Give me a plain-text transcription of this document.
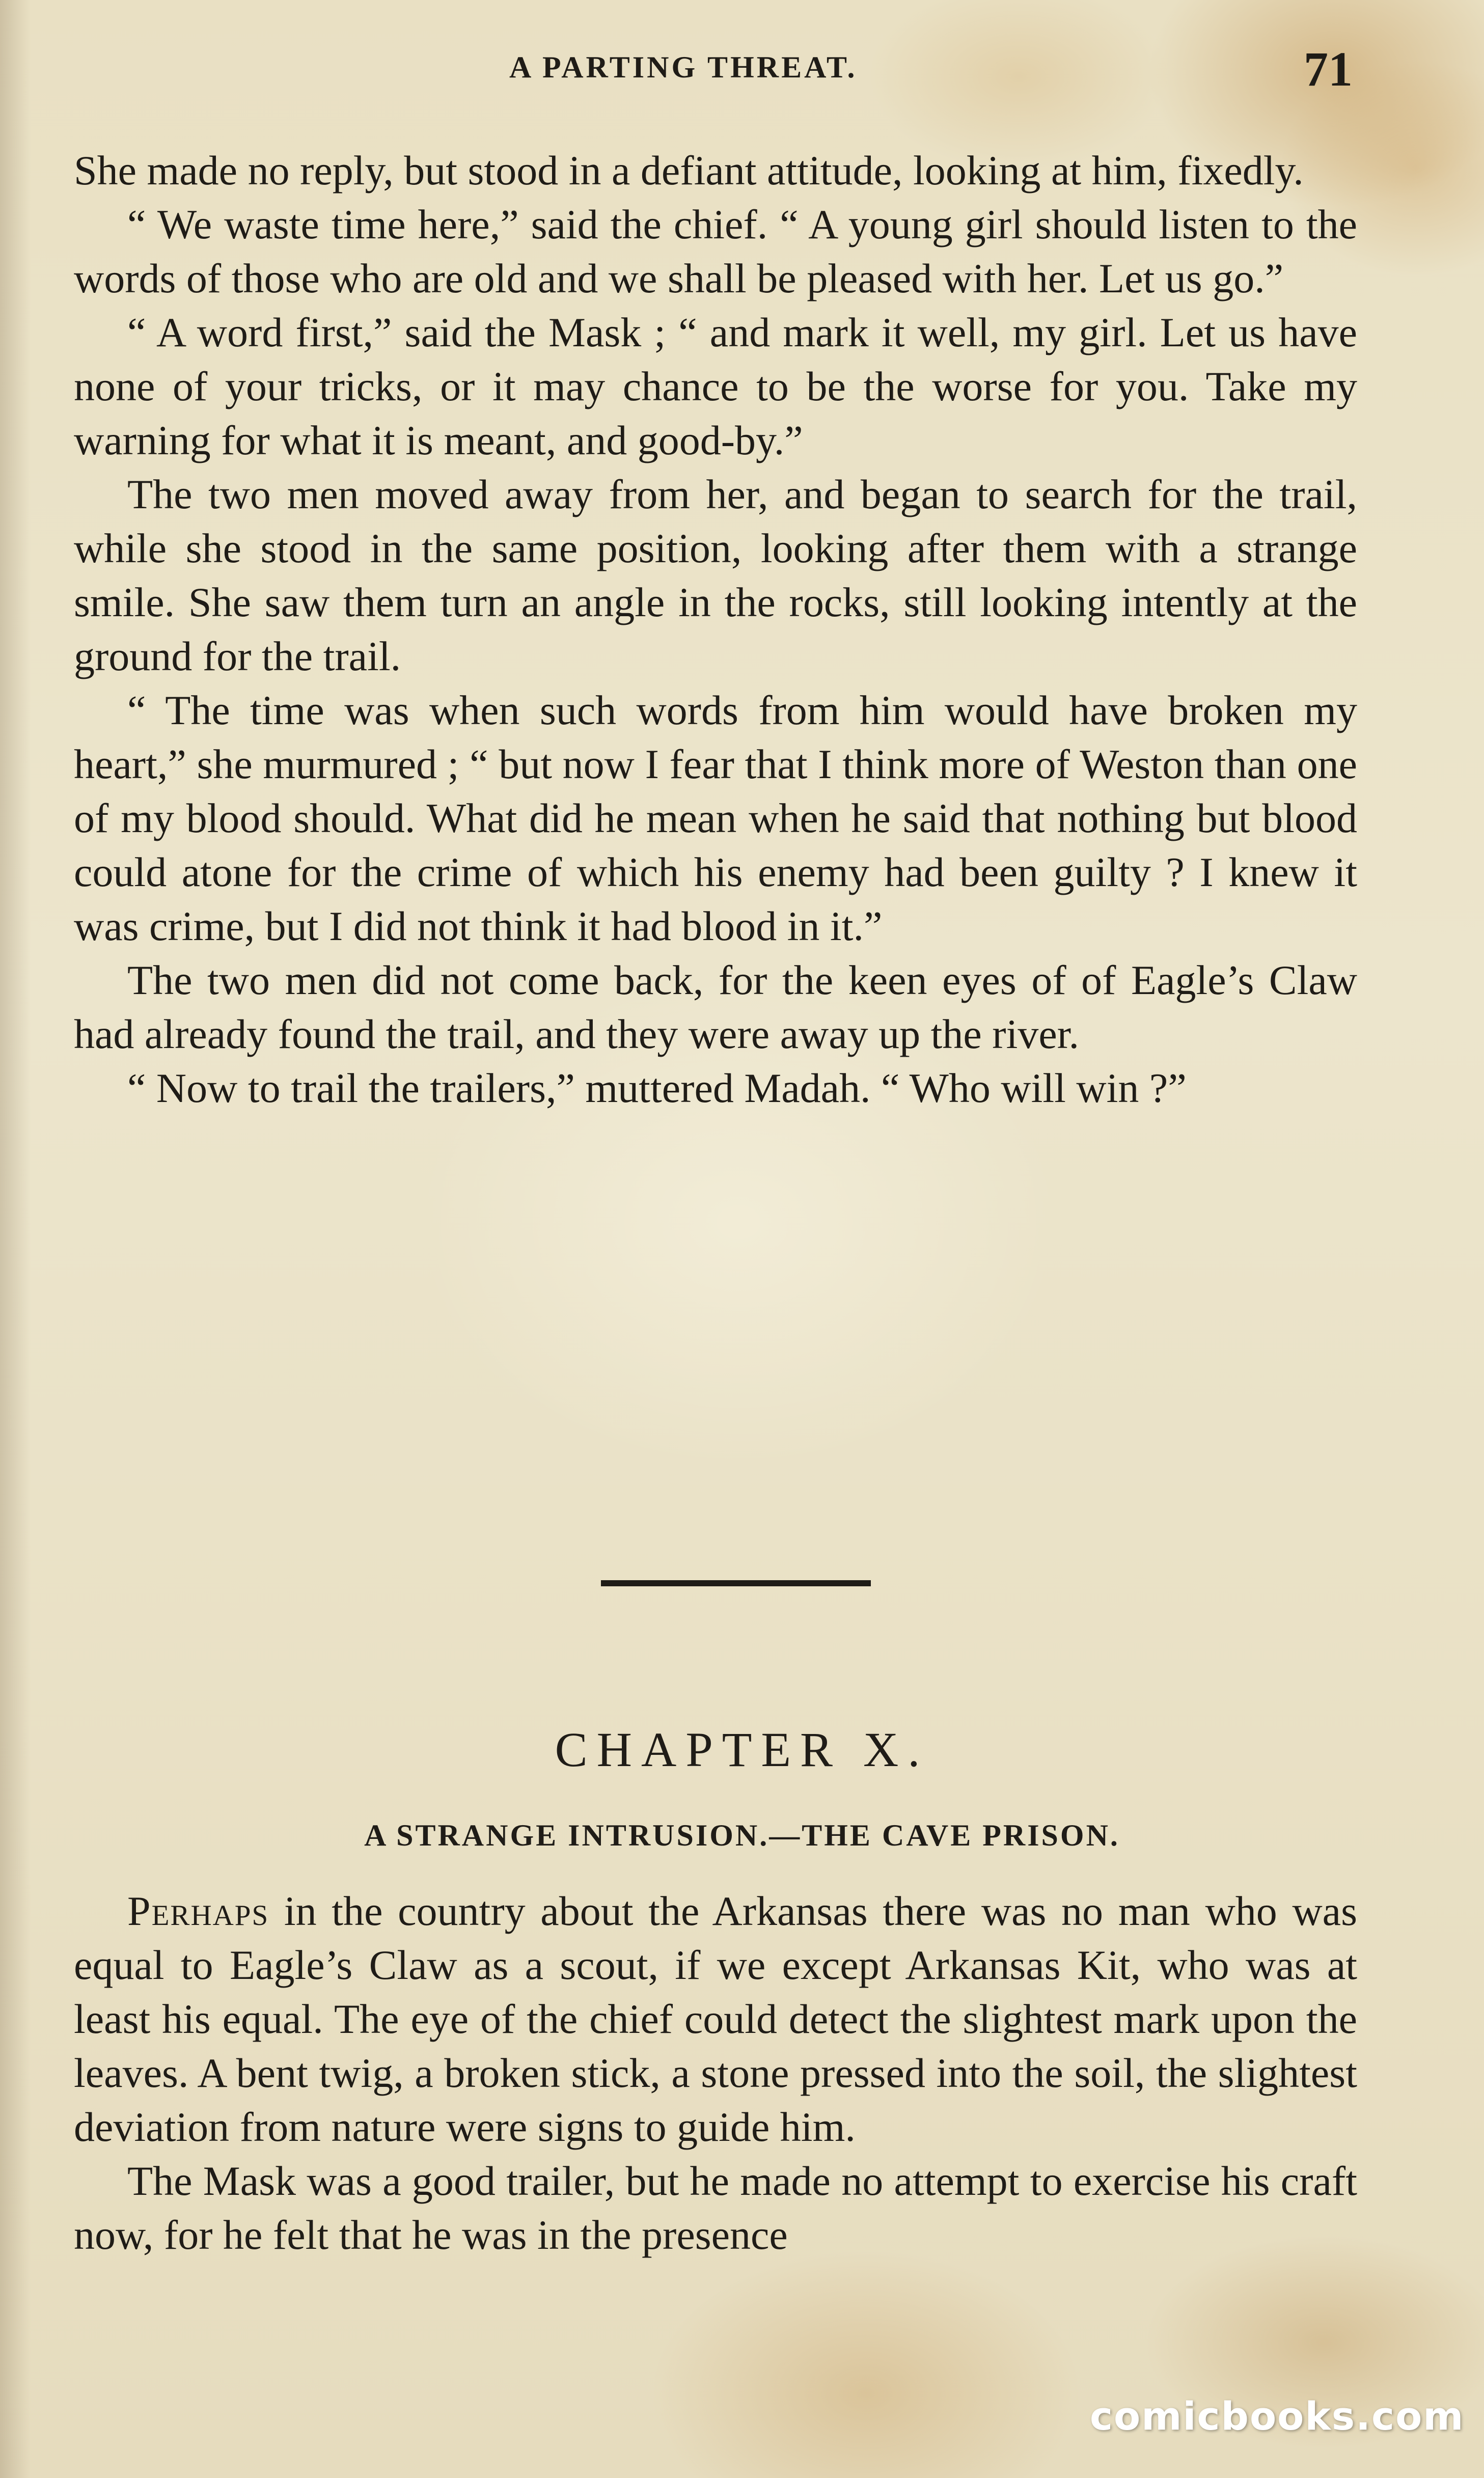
A PARTING THREAT.	71

She made no reply, but stood in a defiant attitude, looking at him, fixedly.

“ We waste time here,” said the chief. “ A young girl should listen to the words of those who are old and we shall be pleased with her. Let us go.”

“ A word first,” said the Mask ; “ and mark it well, my girl. Let us have none of your tricks, or it may chance to be the worse for you. Take my warning for what it is meant, and good-by.”

The two men moved away from her, and began to search for the trail, while she stood in the same position, looking after them with a strange smile. She saw them turn an angle in the rocks, still looking intently at the ground for the trail.

“ The time was when such words from him would have broken my heart,” she murmured ; “ but now I fear that I think more of Weston than one of my blood should. What did he mean when he said that nothing but blood could atone for the crime of which his enemy had been guilty ? I knew it was crime, but I did not think it had blood in it.”

The two men did not come back, for the keen eyes of of Eagle’s Claw had already found the trail, and they were away up the river.

“ Now to trail the trailers,” muttered Madah. “ Who will win ?”

CHAPTER X.
A STRANGE INTRUSION.—THE CAVE PRISON.

Perhaps in the country about the Arkansas there was no man who was equal to Eagle’s Claw as a scout, if we except Arkansas Kit, who was at least his equal. The eye of the chief could detect the slightest mark upon the leaves. A bent twig, a broken stick, a stone pressed into the soil, the slightest deviation from nature were signs to guide him.

The Mask was a good trailer, but he made no attempt to exercise his craft now, for he felt that he was in the presence

comicbooks.com
